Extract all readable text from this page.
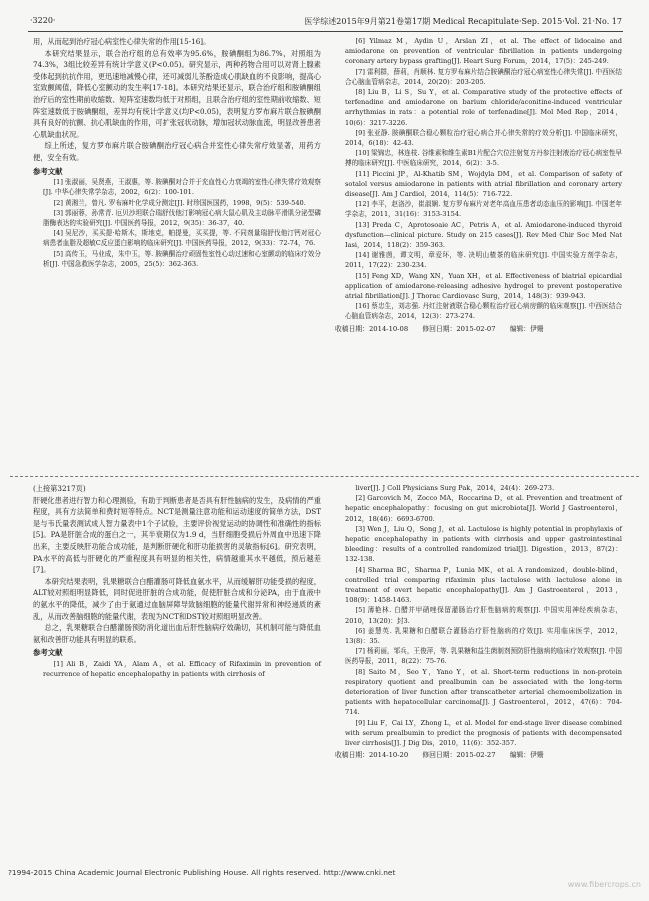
·3220·	医学综述2015年9月第21卷第17期 Medical Recapitulate·Sep. 2015·Vol. 21·No. 17

用，从而起到治疗冠心病室性心律失常的作用[15-16]。

本研究结果显示，联合治疗组的总有效率为95.6%，胺碘酮组为86.7%，对照组为74.3%，3组比较差异有统计学意义(P<0.05)。研究显示，两种药物合用可以对肾上腺素受体起到抗抗作用，更迅速地减慢心律，还可减弱儿茶酚造成心肌缺血的不良影响，提高心室致颤阈值，降低心室颤动的发生率[17-18]。本研究结果还显示，联合治疗组和胺碘酮组治疗后的室性期前收缩数、短阵室速数均低于对照组，且联合治疗组的室性期前收缩数、短阵室速数低于胺碘酮组，差异均有统计学意义(均P<0.05)，表明复方罗布麻片联合胺碘酮具有良好的抗颤、抗心肌缺血的作用，可扩张冠状动脉，增加冠状动脉血流，明显改善患者心肌缺血状况。

综上所述，复方罗布麻片联合胺碘酮治疗冠心病合并室性心律失常疗效显著，用药方便，安全有效。

参考文献

[1] 张淑丽，吴贤燕，王淑惠，等. 胺碘酮对合并于充血性心力衰竭的室性心律失常疗效观察[J]. 中华心律失常学杂志，2002，6(2)：100-101.

[2] 黄湘兰，曾凡. 罗布麻叶化学成分测定[J]. 时珍国医国药，1998，9(5)：539-540.

[3] 郭丽蓉，孙常青. 厄贝沙坦联合瑞舒伐他汀影响冠心病大鼠心肌及主动脉平滑肌分泌型磷脂酶表达的实验研究[J]. 中国医药导报，2012，9(35)：36-37，40.

[4] 吴尼沙，买买提·哈斯木，斯地克，帕提曼，买买提，等. 不同剂量瑞舒伐他汀钙对冠心病患者血脂及超敏C反应蛋白影响的临床研究[J]. 中国医药导报，2012，9(33)：72-74，76.

[5] 高传玉，马业成，朱中玉，等. 胺碘酮治疗顽固性室性心动过速和心室颤动的临床疗效分析[J]. 中国急救医学杂志，2005，25(5)：362-363.

[6] Yilmaz M，Aydin U，Arslan ZI，et al. The effect of lidocaine and amiodarone on prevention of ventricular fibrillation in patients undergoing coronary artery bypass grafting[J]. Heart Surg Forum，2014，17(5)：245-249.

[7] 雷利群，薛莉，肖顺林. 复方罗布麻片结合胺碘酮治疗冠心病室性心律失常[J]. 中西医结合心脑血管病杂志，2014，20(20)：203-205.

[8] Liu B，Li S，Su Y，et al. Comparative study of the protective effects of terfenadine and amiodarone on barium chloride/aconitine-induced ventricular arrhythmias in rats：a potential role of terfenadine[J]. Mol Med Rep，2014，10(6)：3217-3226.

[9] 张亚静. 胺碘酮联合稳心颗粒治疗冠心病合并心律失常的疗效分析[J]. 中国临床研究，2014，6(18)：42-43.

[10] 梁锦忠，林连枝. 谷维素和维生素B1片配合穴位注射复方丹参注射液治疗冠心病室性早搏的临床研究[J]. 中医临床研究，2014，6(2)：3-5.

[11] Piccini JP，Al-Khatib SM，Wojdyla DM，et al. Comparison of safety of sotalol versus amiodarone in patients with atrial fibrillation and coronary artery disease[J]. Am J Cardiol，2014，114(5)：716-722.

[12] 李平，赵洛沙，崔淑娴. 复方罗布麻片对老年高血压患者动态血压的影响[J]. 中国老年学杂志，2011，31(16)：3153-3154.

[13] Preda C，Aprotosoaie AC，Petris A，et al. Amiodarone-induced thyroid dysfunction—clinical picture. Study on 215 cases[J]. Rev Med Chir Soc Med Nat Iasi，2014，118(2)：359-363.

[14] 谢雅茵，谭文明，章爱环，等. 决明山楂茶的临床研究[J]. 中国实验方剂学杂志，2011，17(22)：230-234.

[15] Feng XD，Wang XN，Yuan XH，et al. Effectiveness of biatrial epicardial application of amiodarone-releasing adhesive hydrogel to prevent postoperative atrial fibrillation[J]. J Thorac Cardiovasc Surg，2014，148(3)：939-943.

[16] 蔡忠生，刘志强. 丹红注射液联合稳心颗粒治疗冠心病房颤的临床观察[J]. 中西医结合心脑血管病杂志，2014，12(3)：273-274.

收稿日期：2014-10-08 修回日期：2015-02-07 编辑：伊姗

(上接第3217页)

肝硬化患者进行智力和心理测验，有助于判断患者是否具有肝性脑病的发生，及病情的严重程度，具有方法简单和费时短等特点。NCT是测量注意功能和运动速度的简单方法，DST是与韦氏量表测试成人智力量表中1个子试验，主要评价视觉运动的协调性和准确性的指标[5]。PA是肝脏合成的蛋白之一，其半衰期仅为1.9 d，当肝细胞受损后外周血中迅速下降出来，主要反映肝功能合成功能，是判断肝硬化和肝功能损害的灵敏指标[6]。研究表明，PA水平的高低与肝硬化的严重程度具有明显的相关性，病情越重其水平越低，预后越差[7]。

本研究结果表明，乳果糖联合白醋灌肠可降低血氨水平，从而缓解肝功能受损的程度，ALT较对照组明显降低，同时促进肝脏的合成功能，促使肝脏合成和分泌PA，由于血液中的氨水平的降低，减少了由于氨通过血脑屏障导致脑细胞的能量代谢异常和神经递质的紊乱，从而改善脑细胞的能量代谢，表现为NCT和DST较对照组明显改善。

总之，乳果糖联合白醋灌肠预防消化道出血后肝性脑病疗效确切，其机制可能与降低血氨和改善肝功能具有明显的联系。

参考文献

[1] Ali B，Zaidi YA，Alam A，et al. Efficacy of Rifaximin in prevention of recurrence of hepatic encephalopathy in patients with cirrhosis of

liver[J]. J Coll Physicians Surg Pak，2014，24(4)：269-273.

[2] Garcovich M，Zocco MA，Roccarina D，et al. Prevention and treatment of hepatic encephalopathy：focusing on gut microbiota[J]. World J Gastroenterol，2012，18(46)：6693-6700.

[3] Wen J，Liu Q，Song J，et al. Lactulose is highly potential in prophylaxis of hepatic encephalopathy in patients with cirrhosis and upper gastrointestinal bleeding：results of a controlled randomized trial[J]. Digestion，2013，87(2)：132-138.

[4] Sharma BC，Sharma P，Lunia MK，et al. A randomized，double-blind，controlled trial comparing rifaximin plus lactulose with lactulose alone in treatment of overt hepatic encephalopathy[J]. Am J Gastroenterol，2013，108(9)：1458-1463.

[5] 薄艳林. 白醋并甲硝唑保留灌肠治疗肝性脑病的观察[J]. 中国实用神经疾病杂志，2010，13(20)：封3.

[6] 姜慧英. 乳果糖和白醋联合灌肠治疗肝性脑病的疗效[J]. 实用临床医学，2012，13(8)：35.

[7] 杨莉丽，邹兵，王俊萍，等. 乳果糖和益生菌制剂预防肝性脑病的临床疗效观察[J]. 中国医药导报，2011，8(22)：75-76.

[8] Saito M，Seo Y，Yano Y，et al. Short-term reductions in non-protein respiratory quotient and prealbumin can be associated with the long-term deterioration of liver function after transcatheter arterial chemoembolization in patients with hepatocellular carcinoma[J]. J Gastroenterol，2012，47(6)：704-714.

[9] Liu F，Cai LY，Zhong L，et al. Model for end-stage liver disease combined with serum prealbumin to predict the prognosis of patients with decompensated liver cirrhosis[J]. J Dig Dis，2010，11(6)：352-357.

收稿日期：2014-10-20 修回日期：2015-02-27 编辑：伊姗
?1994-2015 China Academic Journal Electronic Publishing House. All rights reserved. http://www.cnki.net
www.fibercrops.cn
